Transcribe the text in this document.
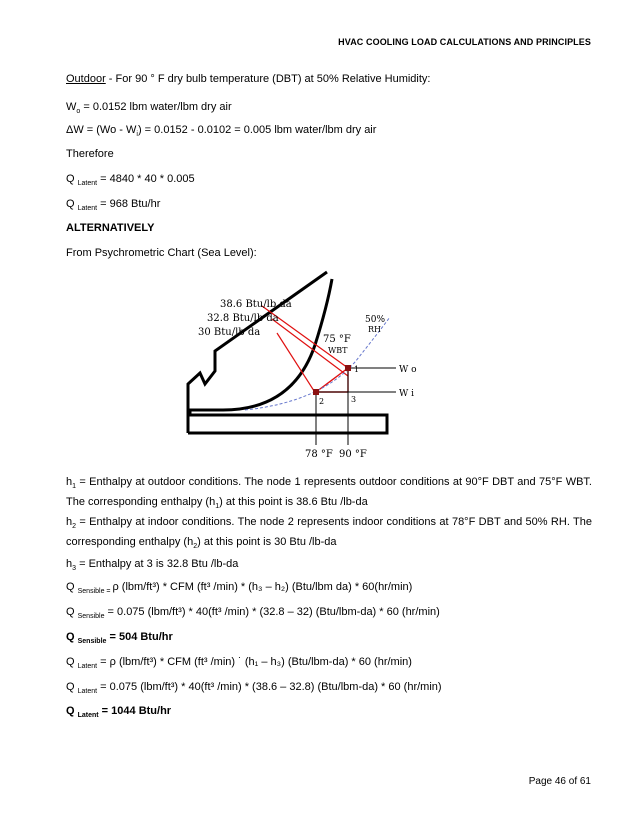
HVAC COOLING LOAD CALCULATIONS AND PRINCIPLES
Outdoor - For 90 ° F dry bulb temperature (DBT) at 50% Relative Humidity:
$W_o = 0.0152$ lbm water/lbm dry air
$\Delta W = (Wo - W_i) = 0.0152 - 0.0102 = 0.005$ lbm water/lbm dry air
Therefore
Q $_{Latent}$ = 4840 * 40 * 0.005
Q $_{Latent}$ = 968 Btu/hr
ALTERNATIVELY
From Psychrometric Chart (Sea Level):
38.6 Btu/lb da
32.8 Btu/lb da
30 Btu/lb da
50%
RH
75 °F
WBT
W o
W i
1
2	3
78 °F 90 °F
$h_1$ = Enthalpy at outdoor conditions. The node 1 represents outdoor conditions at 90°F DBT and 75°F WBT. The corresponding enthalpy $(h_1)$ at this point is 38.6 Btu /lb-da
$h_2$ = Enthalpy at indoor conditions. The node 2 represents indoor conditions at 78°F DBT and 50% RH. The corresponding enthalpy $(h_2)$ at this point is 30 Btu /lb-da
$h_3$ = Enthalpy at 3 is 32.8 Btu /lb-da
Q $_{Sensible =}$ ρ (lbm/ft³) * CFM (ft³ /min) * (h₃ – h₂) (Btu/lbm da) * 60(hr/min)
Q $_{Sensible}$ = 0.075 (lbm/ft³) * 40(ft³ /min) * (32.8 – 32) (Btu/lbm-da) * 60 (hr/min)
Q $_{Sensible}$ = 504 Btu/hr
Q $_{Latent}$ = ρ (lbm/ft³) * CFM (ft³ /min) ˙ (h₁ – h₃) (Btu/lbm-da) * 60 (hr/min)
Q $_{Latent}$ = 0.075 (lbm/ft³) * 40(ft³ /min) * (38.6 – 32.8) (Btu/lbm-da) * 60 (hr/min)
Q $_{Latent}$ = 1044 Btu/hr
Page 46 of 61
